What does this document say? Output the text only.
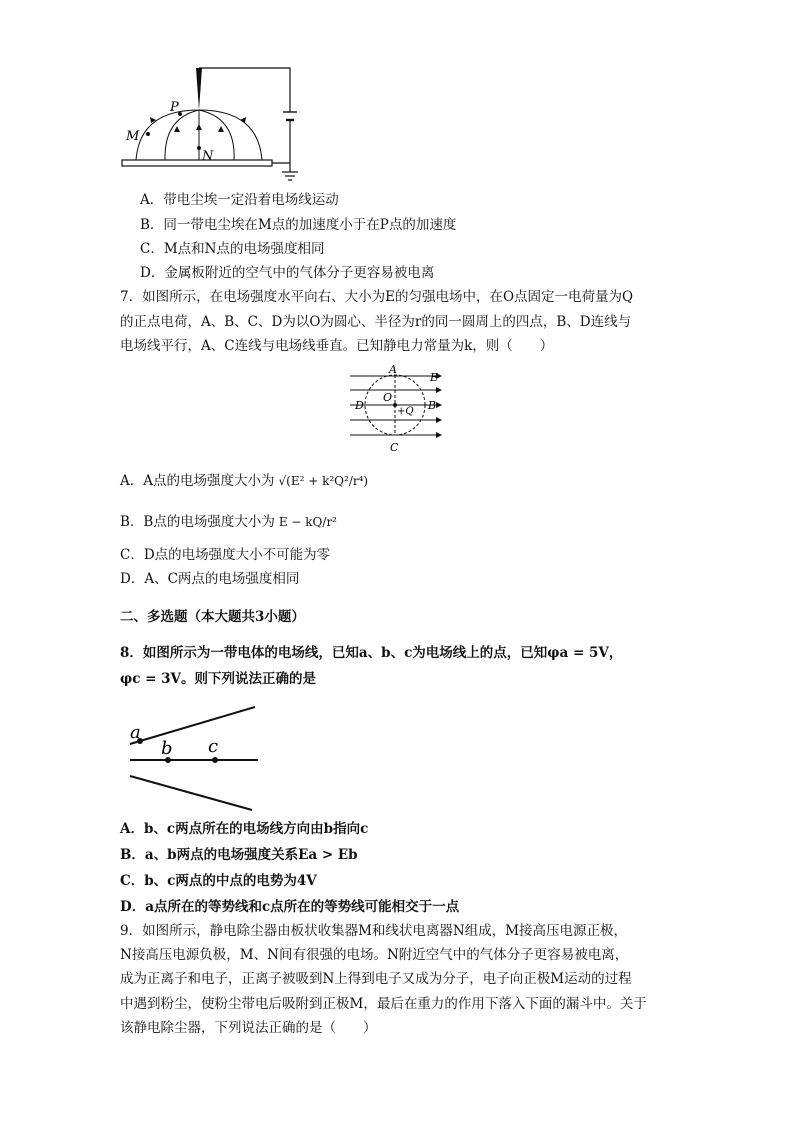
P
M
N
A．带电尘埃一定沿着电场线运动
B．同一带电尘埃在M点的加速度小于在P点的加速度
C．M点和N点的电场强度相同
D．金属板附近的空气中的气体分子更容易被电离
7．如图所示，在电场强度水平向右、大小为E的匀强电场中，在O点固定一电荷量为Q
的正点电荷，A、B、C、D为以O为圆心、半径为r的同一圆周上的四点，B、D连线与
电场线平行，A、C连线与电场线垂直。已知静电力常量为k，则（　　）
A
B
C
D
O
+Q
E
A．A点的电场强度大小为 √(E² + k²Q²/r⁴)
B．B点的电场强度大小为 E − kQ/r²
C．D点的电场强度大小不可能为零
D．A、C两点的电场强度相同
二、多选题（本大题共3小题）
8．如图所示为一带电体的电场线，已知a、b、c为电场线上的点，已知φa = 5V，
φc = 3V。则下列说法正确的是
a
b c
A．b、c两点所在的电场线方向由b指向c
B．a、b两点的电场强度关系Ea > Eb
C．b、c两点的中点的电势为4V
D．a点所在的等势线和c点所在的等势线可能相交于一点
9．如图所示，静电除尘器由板状收集器M和线状电离器N组成，M接高压电源正极，
N接高压电源负极，M、N间有很强的电场。N附近空气中的气体分子更容易被电离，
成为正离子和电子，正离子被吸到N上得到电子又成为分子，电子向正极M运动的过程
中遇到粉尘，使粉尘带电后吸附到正极M，最后在重力的作用下落入下面的漏斗中。关于
该静电除尘器，下列说法正确的是（　　）
